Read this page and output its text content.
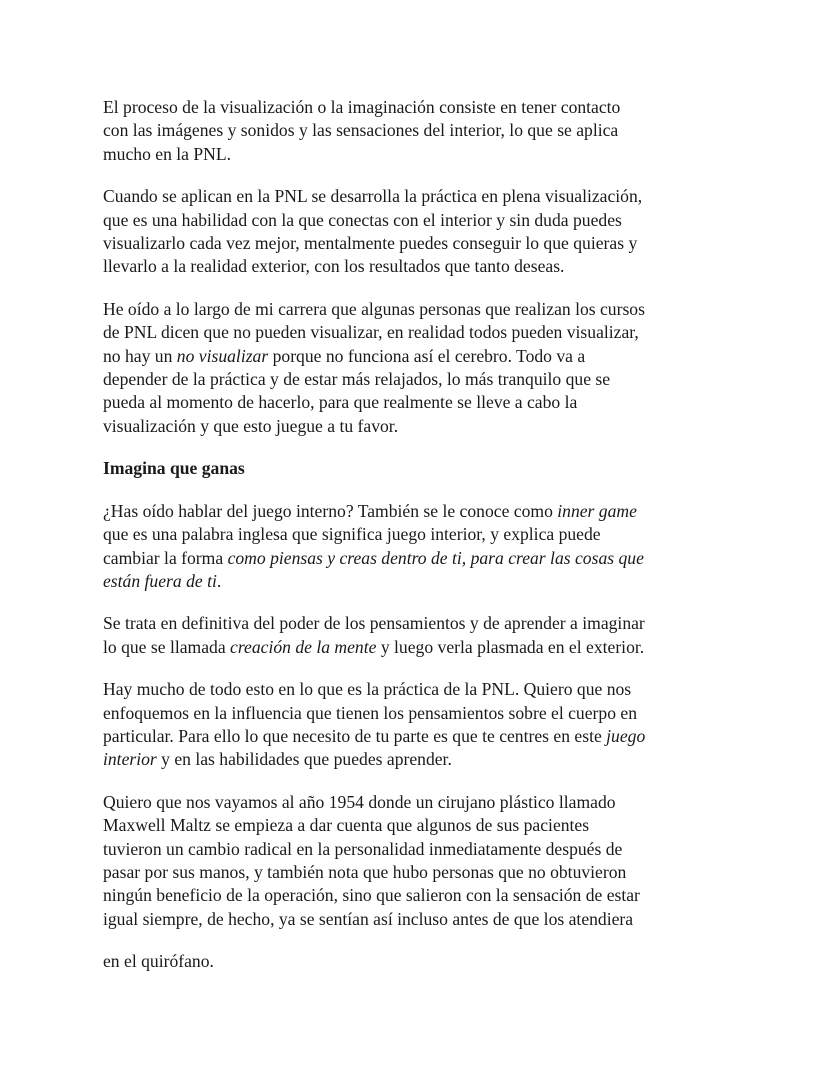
El proceso de la visualización o la imaginación consiste en tener contacto
con las imágenes y sonidos y las sensaciones del interior, lo que se aplica
mucho en la PNL.

Cuando se aplican en la PNL se desarrolla la práctica en plena visualización,
que es una habilidad con la que conectas con el interior y sin duda puedes
visualizarlo cada vez mejor, mentalmente puedes conseguir lo que quieras y
llevarlo a la realidad exterior, con los resultados que tanto deseas.

He oído a lo largo de mi carrera que algunas personas que realizan los cursos
de PNL dicen que no pueden visualizar, en realidad todos pueden visualizar,
no hay un no visualizar porque no funciona así el cerebro. Todo va a
depender de la práctica y de estar más relajados, lo más tranquilo que se
pueda al momento de hacerlo, para que realmente se lleve a cabo la
visualización y que esto juegue a tu favor.

Imagina que ganas

¿Has oído hablar del juego interno? También se le conoce como inner game
que es una palabra inglesa que significa juego interior, y explica puede
cambiar la forma como piensas y creas dentro de ti, para crear las cosas que
están fuera de ti.

Se trata en definitiva del poder de los pensamientos y de aprender a imaginar
lo que se llamada creación de la mente y luego verla plasmada en el exterior.

Hay mucho de todo esto en lo que es la práctica de la PNL. Quiero que nos
enfoquemos en la influencia que tienen los pensamientos sobre el cuerpo en
particular. Para ello lo que necesito de tu parte es que te centres en este juego
interior y en las habilidades que puedes aprender.

Quiero que nos vayamos al año 1954 donde un cirujano plástico llamado
Maxwell Maltz se empieza a dar cuenta que algunos de sus pacientes
tuvieron un cambio radical en la personalidad inmediatamente después de
pasar por sus manos, y también nota que hubo personas que no obtuvieron
ningún beneficio de la operación, sino que salieron con la sensación de estar
igual siempre, de hecho, ya se sentían así incluso antes de que los atendiera

en el quirófano.
